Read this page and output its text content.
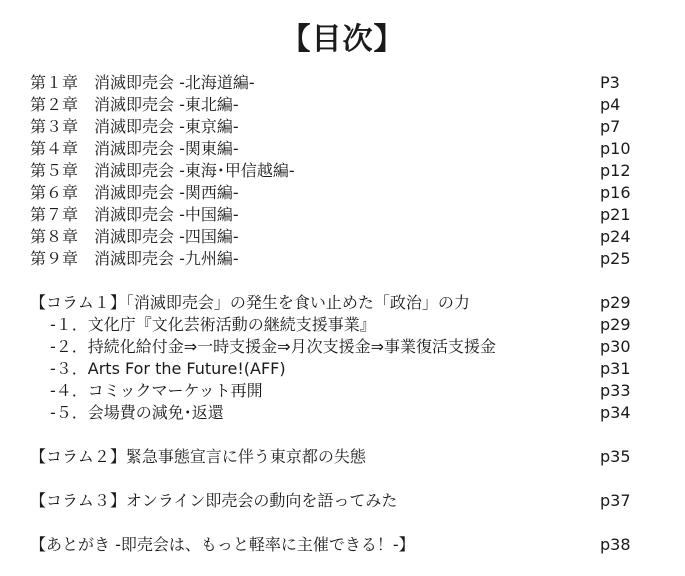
【目次】
第１章　消滅即売会 -北海道編-	P3
第２章　消滅即売会 -東北編-	p4
第３章　消滅即売会 -東京編-	p7
第４章　消滅即売会 -関東編-	p10
第５章　消滅即売会 -東海･甲信越編-	p12
第６章　消滅即売会 -関西編-	p16
第７章　消滅即売会 -中国編-	p21
第８章　消滅即売会 -四国編-	p24
第９章　消滅即売会 -九州編-	p25
【コラム１】「消滅即売会」の発生を食い止めた「政治」の力	p29
-１．文化庁『文化芸術活動の継続支援事業』	p29
-２．持続化給付金⇒一時支援金⇒月次支援金⇒事業復活支援金	p30
-３．Arts For the Future!(AFF)	p31
-４．コミックマーケット再開	p33
-５．会場費の減免･返還	p34
【コラム２】緊急事態宣言に伴う東京都の失態	p35
【コラム３】オンライン即売会の動向を語ってみた	p37
【あとがき -即売会は、もっと軽率に主催できる！-】	p38
